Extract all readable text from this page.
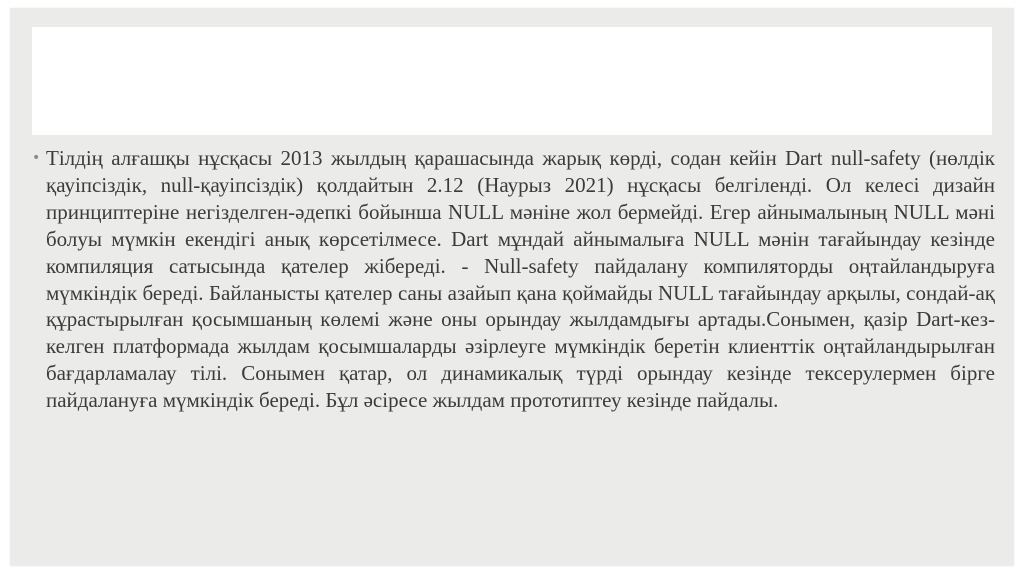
• Тілдің алғашқы нұсқасы 2013 жылдың қарашасында жарық көрді, содан кейін Dart null-safety (нөлдік қауіпсіздік, null-қауіпсіздік) қолдайтын 2.12 (Наурыз 2021) нұсқасы белгіленді. Ол келесі дизайн принциптеріне негізделген-әдепкі бойынша NULL мәніне жол бермейді. Егер айнымалының NULL мәні болуы мүмкін екендігі анық көрсетілмесе. Dart мұндай айнымалыға NULL мәнін тағайындау кезінде компиляция сатысында қателер жібереді. - Null-safety пайдалану компиляторды оңтайландыруға мүмкіндік береді. Байланысты қателер саны азайып қана қоймайды NULL тағайындау арқылы, сондай-ақ құрастырылған қосымшаның көлемі және оны орындау жылдамдығы артады.Сонымен, қазір Dart-кез-келген платформада жылдам қосымшаларды әзірлеуге мүмкіндік беретін клиенттік оңтайландырылған бағдарламалау тілі. Сонымен қатар, ол динамикалық түрді орындау кезінде тексерулермен бірге пайдалануға мүмкіндік береді. Бұл әсіресе жылдам прототиптеу кезінде пайдалы.
